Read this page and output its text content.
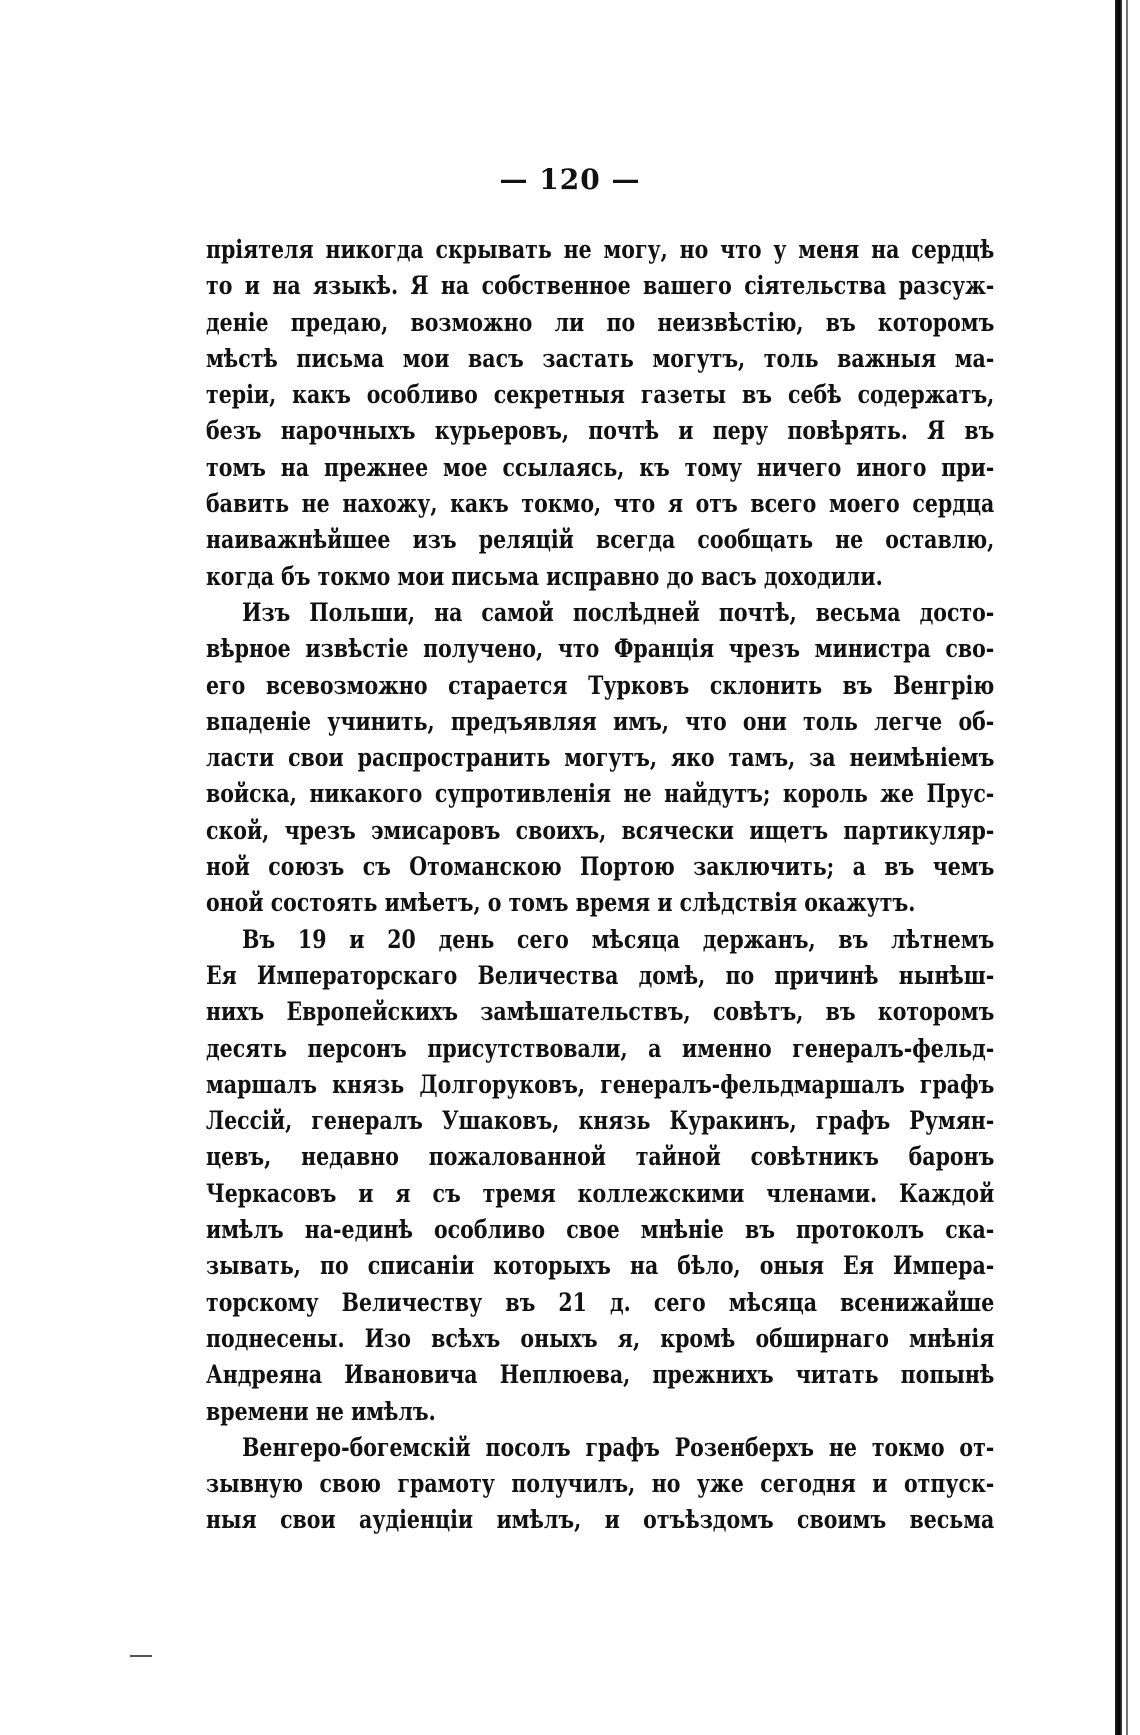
— 120 —
пріятеля никогда скрывать не могу, но что у меня на сердцѣ
то и на языкѣ. Я на собственное вашего сіятельства разсуж-
деніе предаю, возможно ли по неизвѣстію, въ которомъ
мѣстѣ письма мои васъ застать могутъ, толь важныя ма-
теріи, какъ особливо секретныя газеты въ себѣ содержатъ,
безъ нарочныхъ курьеровъ, почтѣ и перу повѣрять. Я въ
томъ на прежнее мое ссылаясь, къ тому ничего иного при-
бавить не нахожу, какъ токмо, что я отъ всего моего сердца
наиважнѣйшее изъ реляцій всегда сообщать не оставлю,
когда бъ токмо мои письма исправно до васъ доходили.
Изъ Польши, на самой послѣдней почтѣ, весьма досто-
вѣрное извѣстіе получено, что Францiя чрезъ министра сво-
его всевозможно старается Турковъ склонить въ Венгрію
впаденіе учинить, предъявляя имъ, что они толь легче об-
ласти свои распространить могутъ, яко тамъ, за неимѣніемъ
войска, никакого супротивленія не найдутъ; король же Прус-
ской, чрезъ эмисаровъ своихъ, всячески ищетъ партикуляр-
ной союзъ съ Отоманскою Портою заключить; а въ чемъ
оной состоять имѣетъ, о томъ время и слѣдствія окажутъ.
Въ 19 и 20 день сего мѣсяца держанъ, въ лѣтнемъ
Ея Императорскаго Величества домѣ, по причинѣ нынѣш-
нихъ Европейскихъ замѣшательствъ, совѣтъ, въ которомъ
десять персонъ присутствовали, а именно генералъ-фельд-
маршалъ князь Долгоруковъ, генералъ-фельдмаршалъ графъ
Лессій, генералъ Ушаковъ, князь Куракинъ, графъ Румян-
цевъ, недавно пожалованной тайной совѣтникъ баронъ
Черкасовъ и я съ тремя коллежскими членами. Каждой
имѣлъ на-единѣ особливо свое мнѣніе въ протоколъ ска-
зывать, по списаніи которыхъ на бѣло, оныя Ея Импера-
торскому Величеству въ 21 д. сего мѣсяца всенижайше
поднесены. Изо всѣхъ оныхъ я, кромѣ обширнаго мнѣнія
Андреяна Ивановича Неплюева, прежнихъ читать попынѣ
времени не имѣлъ.
Венгеро-богемскій посолъ графъ Розенберхъ не токмо от-
зывную свою грамоту получилъ, но уже сегодня и отпуск-
ныя свои аудіенціи имѣлъ, и отъѣздомъ своимъ весьма
